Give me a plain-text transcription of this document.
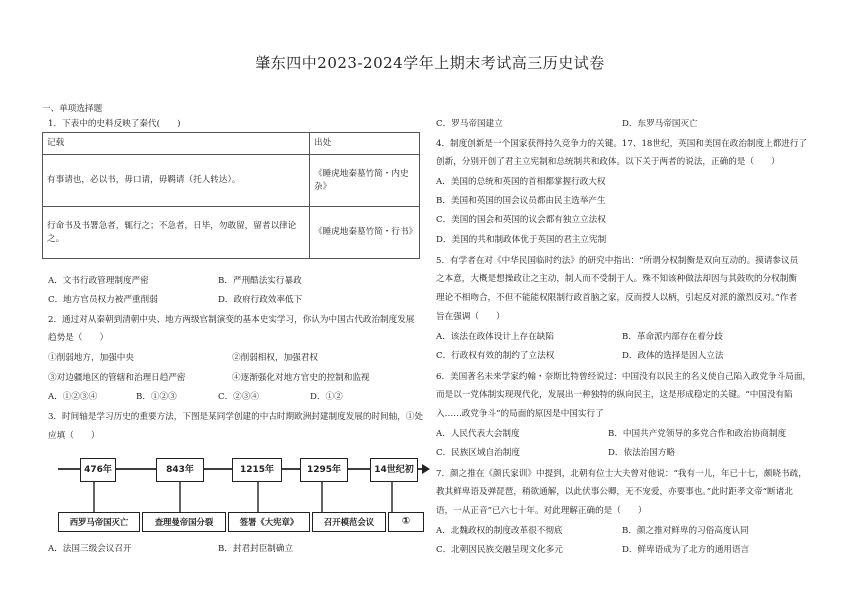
肇东四中2023-2024学年上期末考试高三历史试卷
一、单项选择题
1．下表中的史料反映了秦代(　　)
记载	出处
有事请也，必以书，毋口请，毋羁请（托人转达）。	《睡虎地秦墓竹简・内史杂》
行命书及书署急者，辄行之；不急者，日毕，勿敢留，留者以律论之。	《睡虎地秦墓竹简・行书》
A．文书行政管理制度严密	B．严刑酷法实行暴政
C．地方官员权力被严重削弱	D．政府行政效率低下
2．通过对从秦朝到清朝中央、地方两级官制演变的基本史实学习，你认为中国古代政治制度发展
趋势是（　　）
①削弱地方，加强中央	②削弱相权，加强君权
③对边疆地区的管辖和治理日趋严密	④逐渐强化对地方官史的控制和监视
A．①②③④	B．①②③	C．②③④	D．①②
3．时间轴是学习历史的重要方法，下图是某同学创建的中古时期欧洲封建制度发展的时间轴，①处
应填（　　）
476年	843年	1215年	1295年	14世纪初
西罗马帝国灭亡	查理曼帝国分裂	签署《大宪章》	召开模范会议	①
A．法国三级会议召开	B．封君封臣制确立
C．罗马帝国建立	D．东罗马帝国灭亡
4．制度创新是一个国家获得持久竞争力的关键。17、18世纪，英国和美国在政治制度上都进行了
创新，分别开创了君主立宪制和总统制共和政体。以下关于两者的说法，正确的是（　　）
A．美国的总统和英国的首相都掌握行政大权
B．美国和英国的国会议员都由民主选举产生
C．美国的国会和英国的议会都有独立立法权
D．美国的共和制政体优于英国的君主立宪制
5．有学者在对《中华民国临时约法》的研究中指出：“所谓分权制衡是双向互动的。摸请参议员
之本意，大概是想操政让之主动，制人而不受制于人。殊不知该种做法却因与其鼓吹的分权制衡
理论不相吻合，不但不能能权限制行政首脑之家，反而授人以柄，引起反对派的激烈反对。”作者
旨在强调（　　）
A．该法在政体设计上存在缺陷	B．革命派内部存在着分歧
C．行政权有效的制约了立法权	D．政体的选择是因人立法
6．美国著名未来学家约翰・奈斯比特曾经说过：中国没有以民主的名义使自己陷入政党争斗局面，
而是以一党体制实现现代化，发展出一种独特的纵向民主，这是形成稳定的关键。“中国没有陷
入……政党争斗”的局面的原因是中国实行了
A．人民代表大会制度	B．中国共产党领导的多党合作和政治协商制度
C．民族区域自治制度	D．依法治国方略
7．颜之推在《颜氏家训》中提到，北朝有位士大夫曾对他说：“我有一儿，年已十七，颇晓书疏，
教其鲜卑语及弹琵琶，稍欲通解，以此伏事公卿，无不宠爱，亦要事也。”此时距孝文帝“断诸北
语，一从正音”已六七十年。对此理解正确的是（　　）
A．北魏政权的制度改革很不彻底	B．颜之推对鲜卑的习俗高度认同
C．北朝因民族交融呈现文化多元	D．鲜卑语成为了北方的通用语言
